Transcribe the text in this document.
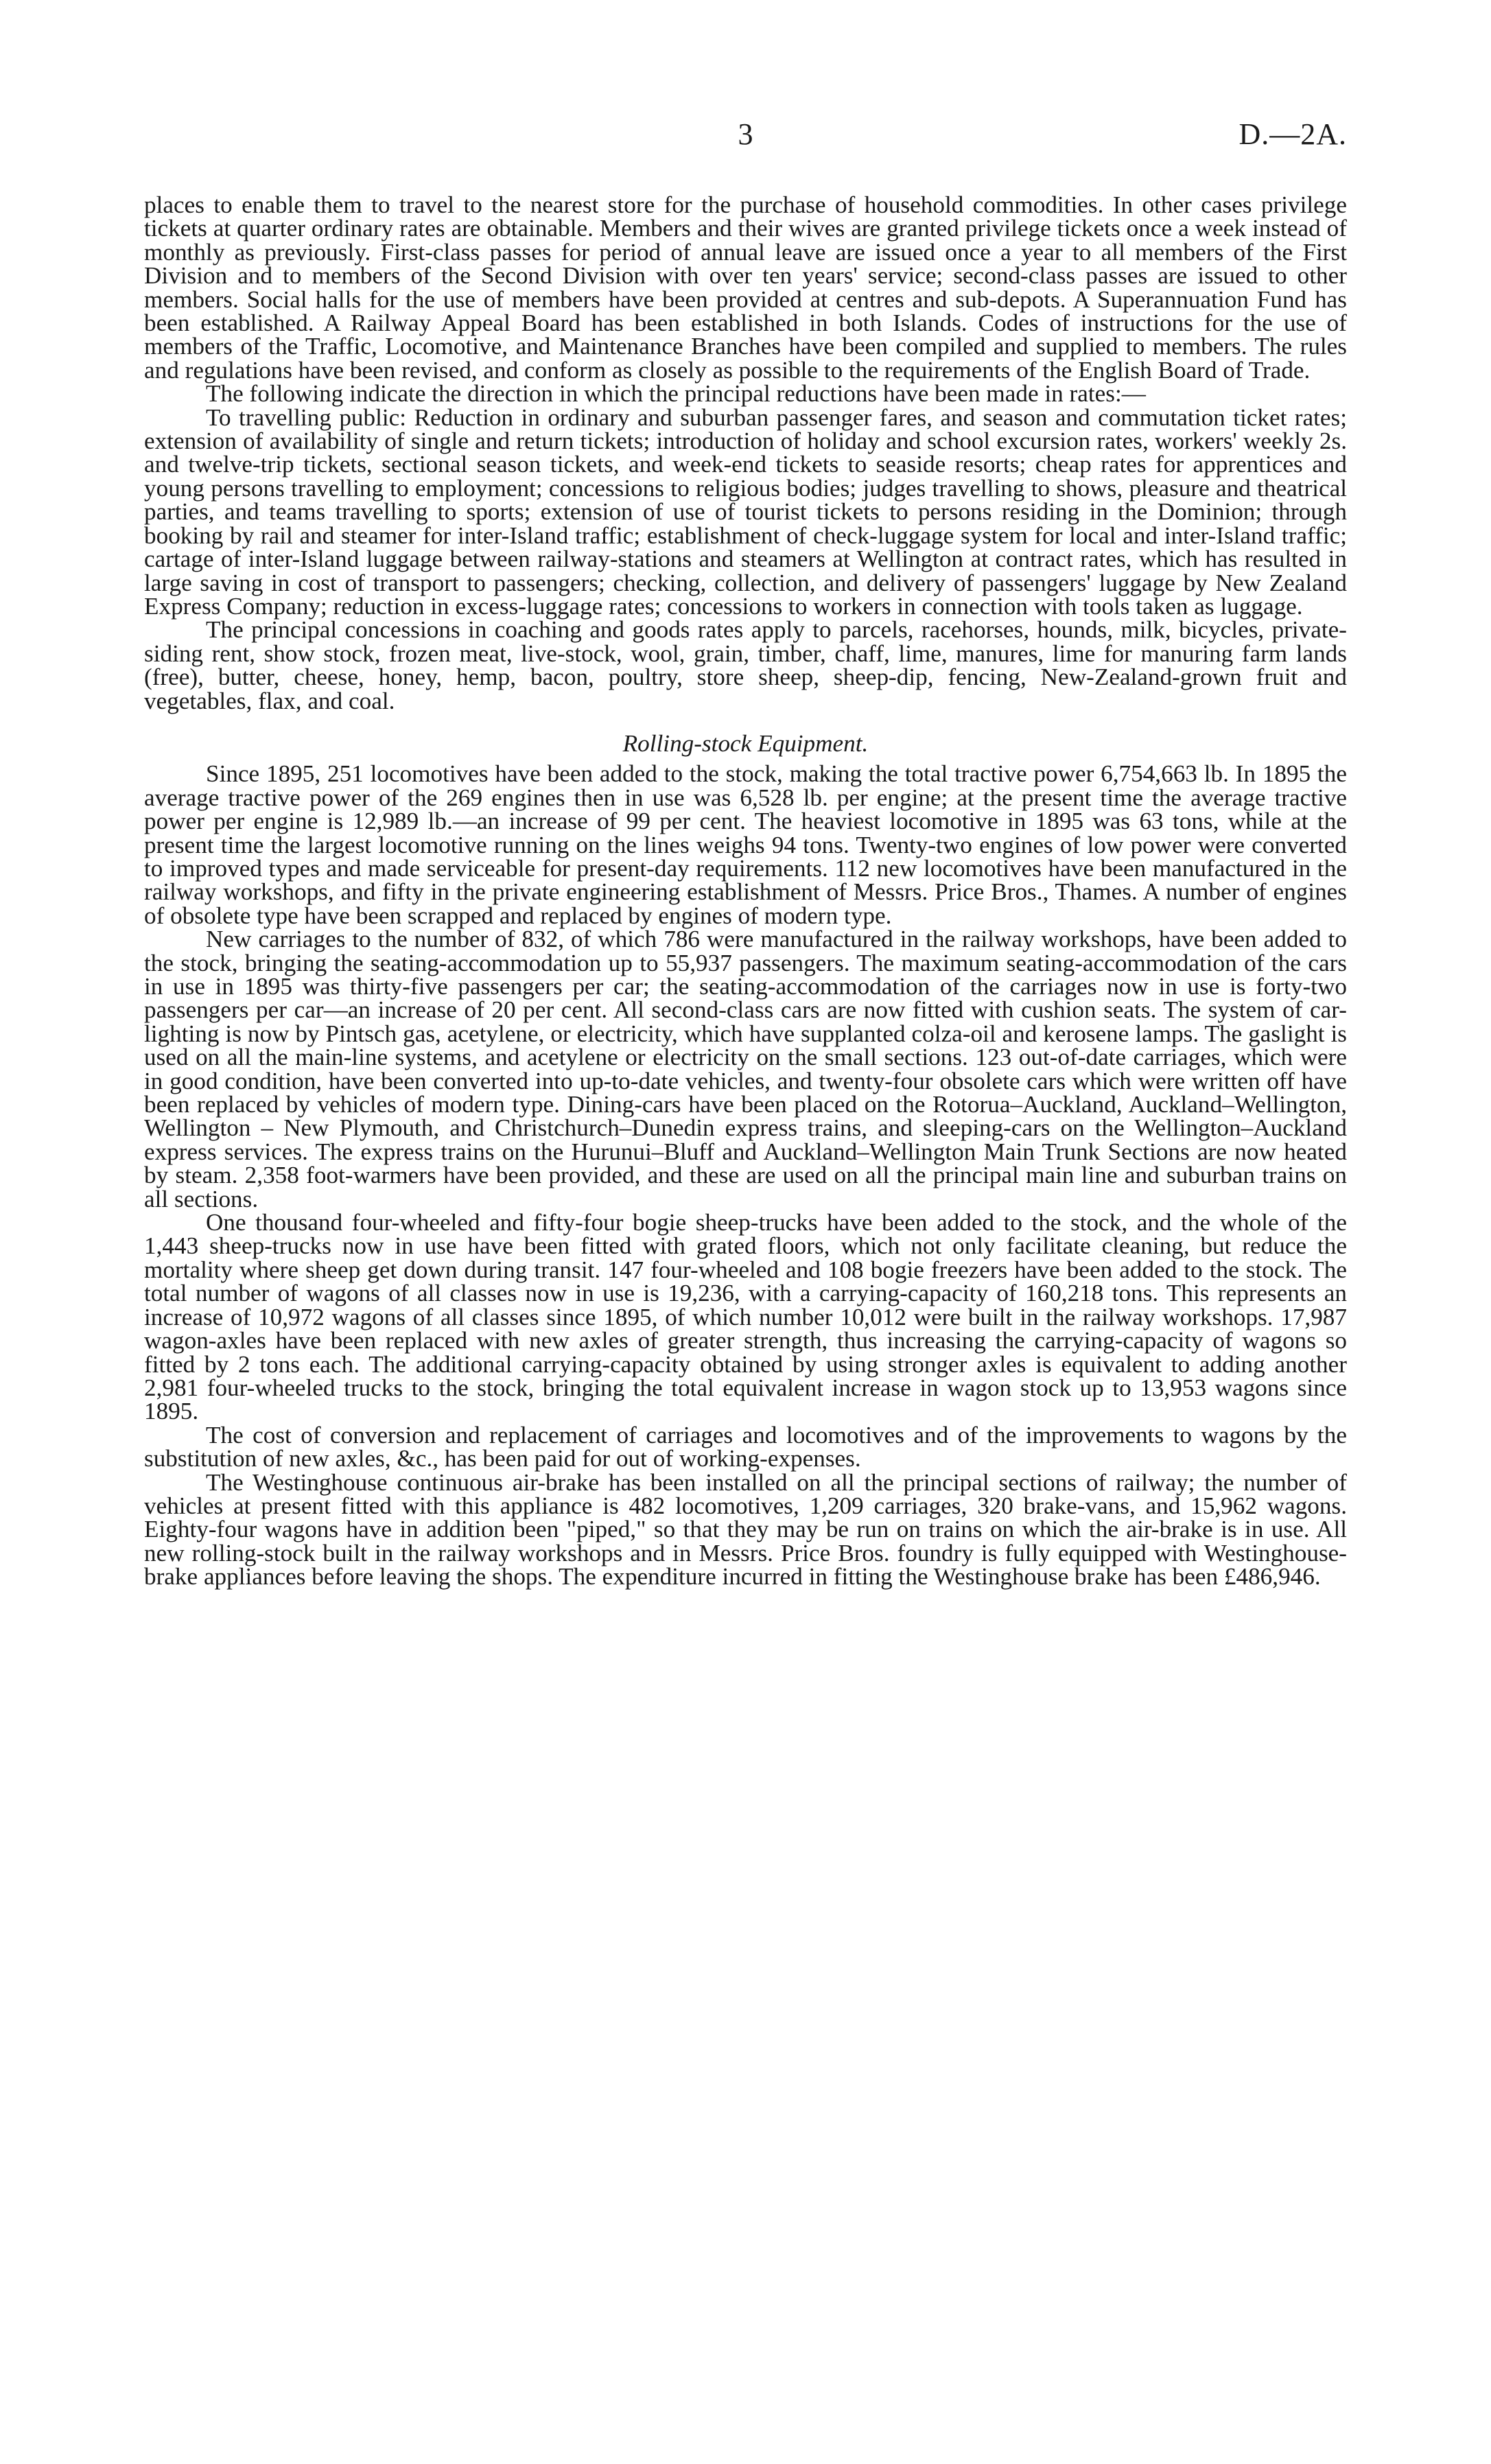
3	D.—2A.

places to enable them to travel to the nearest store for the purchase of household commodities. In other cases privilege tickets at quarter ordinary rates are obtainable. Members and their wives are granted privilege tickets once a week instead of monthly as previously. First-class passes for period of annual leave are issued once a year to all members of the First Division and to members of the Second Division with over ten years' service; second-class passes are issued to other members. Social halls for the use of members have been provided at centres and sub-depots. A Superannuation Fund has been established. A Railway Appeal Board has been established in both Islands. Codes of instructions for the use of members of the Traffic, Locomotive, and Maintenance Branches have been compiled and supplied to members. The rules and regulations have been revised, and conform as closely as possible to the requirements of the English Board of Trade.

The following indicate the direction in which the principal reductions have been made in rates:—

To travelling public: Reduction in ordinary and suburban passenger fares, and season and commutation ticket rates; extension of availability of single and return tickets; introduction of holiday and school excursion rates, workers' weekly 2s. and twelve-trip tickets, sectional season tickets, and week-end tickets to seaside resorts; cheap rates for apprentices and young persons travelling to employment; concessions to religious bodies; judges travelling to shows, pleasure and theatrical parties, and teams travelling to sports; extension of use of tourist tickets to persons residing in the Dominion; through booking by rail and steamer for inter-Island traffic; establishment of check-luggage system for local and inter-Island traffic; cartage of inter-Island luggage between railway-stations and steamers at Wellington at contract rates, which has resulted in large saving in cost of transport to passengers; checking, collection, and delivery of passengers' luggage by New Zealand Express Company; reduction in excess-luggage rates; concessions to workers in connection with tools taken as luggage.

The principal concessions in coaching and goods rates apply to parcels, racehorses, hounds, milk, bicycles, private-siding rent, show stock, frozen meat, live-stock, wool, grain, timber, chaff, lime, manures, lime for manuring farm lands (free), butter, cheese, honey, hemp, bacon, poultry, store sheep, sheep-dip, fencing, New-Zealand-grown fruit and vegetables, flax, and coal.

Rolling-stock Equipment.

Since 1895, 251 locomotives have been added to the stock, making the total tractive power 6,754,663 lb. In 1895 the average tractive power of the 269 engines then in use was 6,528 lb. per engine; at the present time the average tractive power per engine is 12,989 lb.—an increase of 99 per cent. The heaviest locomotive in 1895 was 63 tons, while at the present time the largest locomotive running on the lines weighs 94 tons. Twenty-two engines of low power were converted to improved types and made serviceable for present-day requirements. 112 new locomotives have been manufactured in the railway workshops, and fifty in the private engineering establishment of Messrs. Price Bros., Thames. A number of engines of obsolete type have been scrapped and replaced by engines of modern type.

New carriages to the number of 832, of which 786 were manufactured in the railway workshops, have been added to the stock, bringing the seating-accommodation up to 55,937 passengers. The maximum seating-accommodation of the cars in use in 1895 was thirty-five passengers per car; the seating-accommodation of the carriages now in use is forty-two passengers per car—an increase of 20 per cent. All second-class cars are now fitted with cushion seats. The system of car-lighting is now by Pintsch gas, acetylene, or electricity, which have supplanted colza-oil and kerosene lamps. The gaslight is used on all the main-line systems, and acetylene or electricity on the small sections. 123 out-of-date carriages, which were in good condition, have been converted into up-to-date vehicles, and twenty-four obsolete cars which were written off have been replaced by vehicles of modern type. Dining-cars have been placed on the Rotorua–Auckland, Auckland–Wellington, Wellington – New Plymouth, and Christchurch–Dunedin express trains, and sleeping-cars on the Wellington–Auckland express services. The express trains on the Hurunui–Bluff and Auckland–Wellington Main Trunk Sections are now heated by steam. 2,358 foot-warmers have been provided, and these are used on all the principal main line and suburban trains on all sections.

One thousand four-wheeled and fifty-four bogie sheep-trucks have been added to the stock, and the whole of the 1,443 sheep-trucks now in use have been fitted with grated floors, which not only facilitate cleaning, but reduce the mortality where sheep get down during transit. 147 four-wheeled and 108 bogie freezers have been added to the stock. The total number of wagons of all classes now in use is 19,236, with a carrying-capacity of 160,218 tons. This represents an increase of 10,972 wagons of all classes since 1895, of which number 10,012 were built in the railway workshops. 17,987 wagon-axles have been replaced with new axles of greater strength, thus increasing the carrying-capacity of wagons so fitted by 2 tons each. The additional carrying-capacity obtained by using stronger axles is equivalent to adding another 2,981 four-wheeled trucks to the stock, bringing the total equivalent increase in wagon stock up to 13,953 wagons since 1895.

The cost of conversion and replacement of carriages and locomotives and of the improvements to wagons by the substitution of new axles, &c., has been paid for out of working-expenses.

The Westinghouse continuous air-brake has been installed on all the principal sections of railway; the number of vehicles at present fitted with this appliance is 482 locomotives, 1,209 carriages, 320 brake-vans, and 15,962 wagons. Eighty-four wagons have in addition been "piped," so that they may be run on trains on which the air-brake is in use. All new rolling-stock built in the railway workshops and in Messrs. Price Bros. foundry is fully equipped with Westinghouse-brake appliances before leaving the shops. The expenditure incurred in fitting the Westinghouse brake has been £486,946.
